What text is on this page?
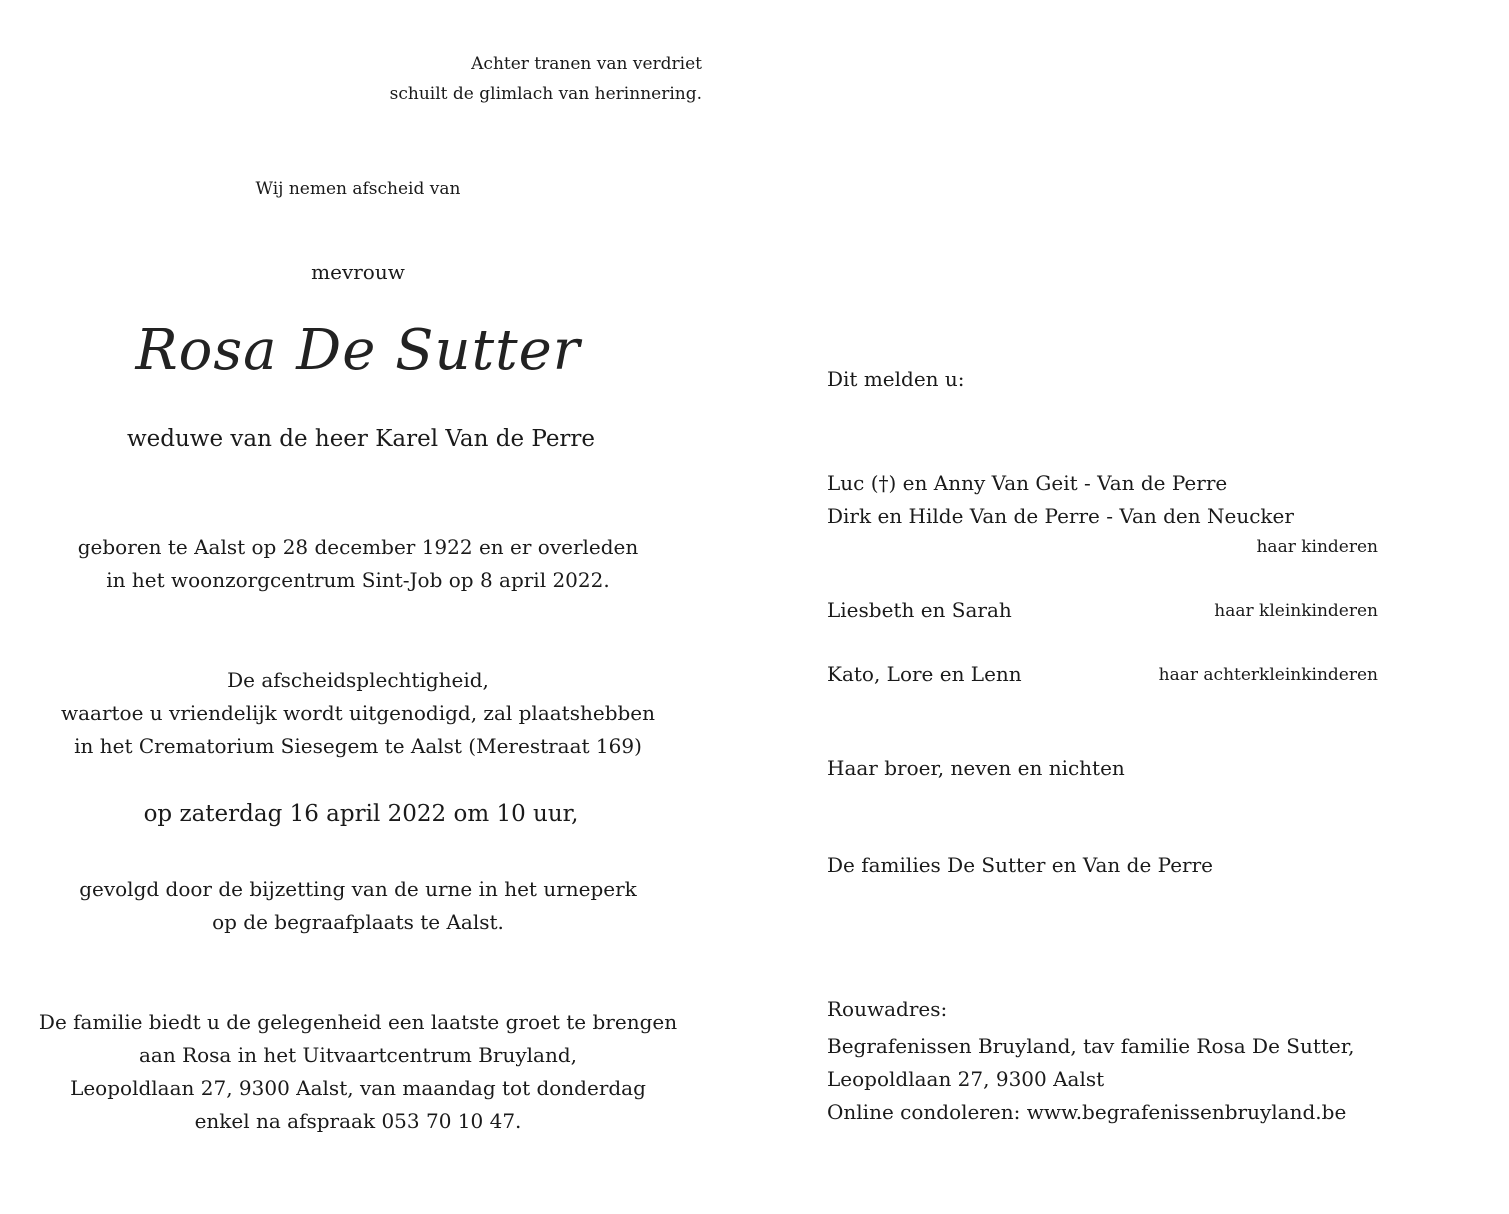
Achter tranen van verdriet
schuilt de glimlach van herinnering.
Wij nemen afscheid van
mevrouw
Rosa De Sutter
weduwe van de heer Karel Van de Perre
geboren te Aalst op 28 december 1922 en er overleden
in het woonzorgcentrum Sint-Job op 8 april 2022.
De afscheidsplechtigheid,
waartoe u vriendelijk wordt uitgenodigd, zal plaatshebben
in het Crematorium Siesegem te Aalst (Merestraat 169)
op zaterdag 16 april 2022 om 10 uur,
gevolgd door de bijzetting van de urne in het urneperk
op de begraafplaats te Aalst.
De familie biedt u de gelegenheid een laatste groet te brengen
aan Rosa in het Uitvaartcentrum Bruyland,
Leopoldlaan 27, 9300 Aalst, van maandag tot donderdag
enkel na afspraak 053 70 10 47.
Dit melden u:
Luc (†) en Anny Van Geit - Van de Perre
Dirk en Hilde Van de Perre - Van den Neucker
haar kinderen
Liesbeth en Sarah	haar kleinkinderen
Kato, Lore en Lenn	haar achterkleinkinderen
Haar broer, neven en nichten
De families De Sutter en Van de Perre
Rouwadres:
Begrafenissen Bruyland, tav familie Rosa De Sutter,
Leopoldlaan 27, 9300 Aalst
Online condoleren: www.begrafenissenbruyland.be
